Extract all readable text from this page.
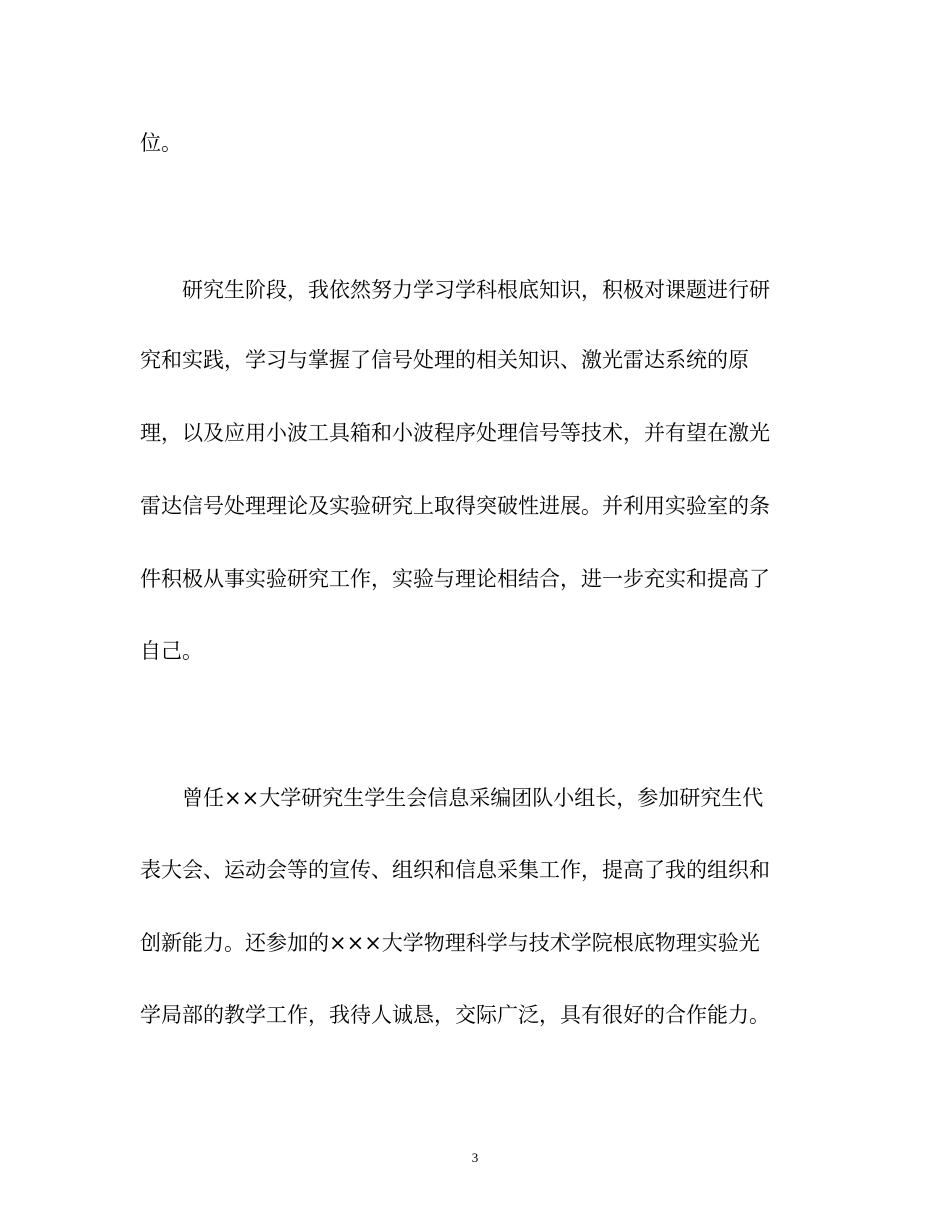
位。
研究生阶段，我依然努力学习学科根底知识，积极对课题进行研
究和实践，学习与掌握了信号处理的相关知识、激光雷达系统的原
理，以及应用小波工具箱和小波程序处理信号等技术，并有望在激光
雷达信号处理理论及实验研究上取得突破性进展。并利用实验室的条
件积极从事实验研究工作，实验与理论相结合，进一步充实和提高了
自己。
曾任××大学研究生学生会信息采编团队小组长，参加研究生代
表大会、运动会等的宣传、组织和信息采集工作，提高了我的组织和
创新能力。还参加的×××大学物理科学与技术学院根底物理实验光
学局部的教学工作，我待人诚恳，交际广泛，具有很好的合作能力。
3
